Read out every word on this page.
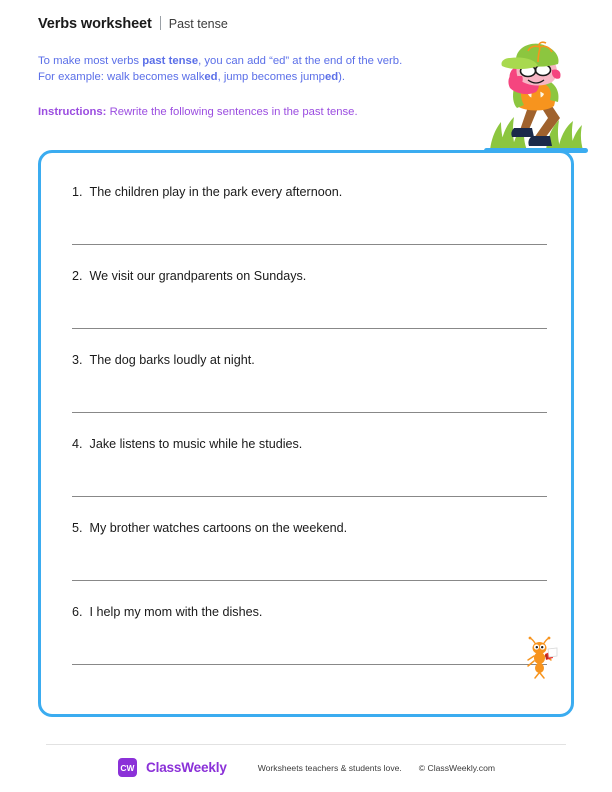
Verbs worksheet Past tense
To make most verbs past tense, you can add “ed” at the end of the verb.
For example: walk becomes walked, jump becomes jumped).
Instructions: Rewrite the following sentences in the past tense.
1. The children play in the park every afternoon.
2. We visit our grandparents on Sundays.
3. The dog barks loudly at night.
4. Jake listens to music while he studies.
5. My brother watches cartoons on the weekend.
6. I help my mom with the dishes.
CW ClassWeekly	Worksheets teachers & students love. © ClassWeekly.com
